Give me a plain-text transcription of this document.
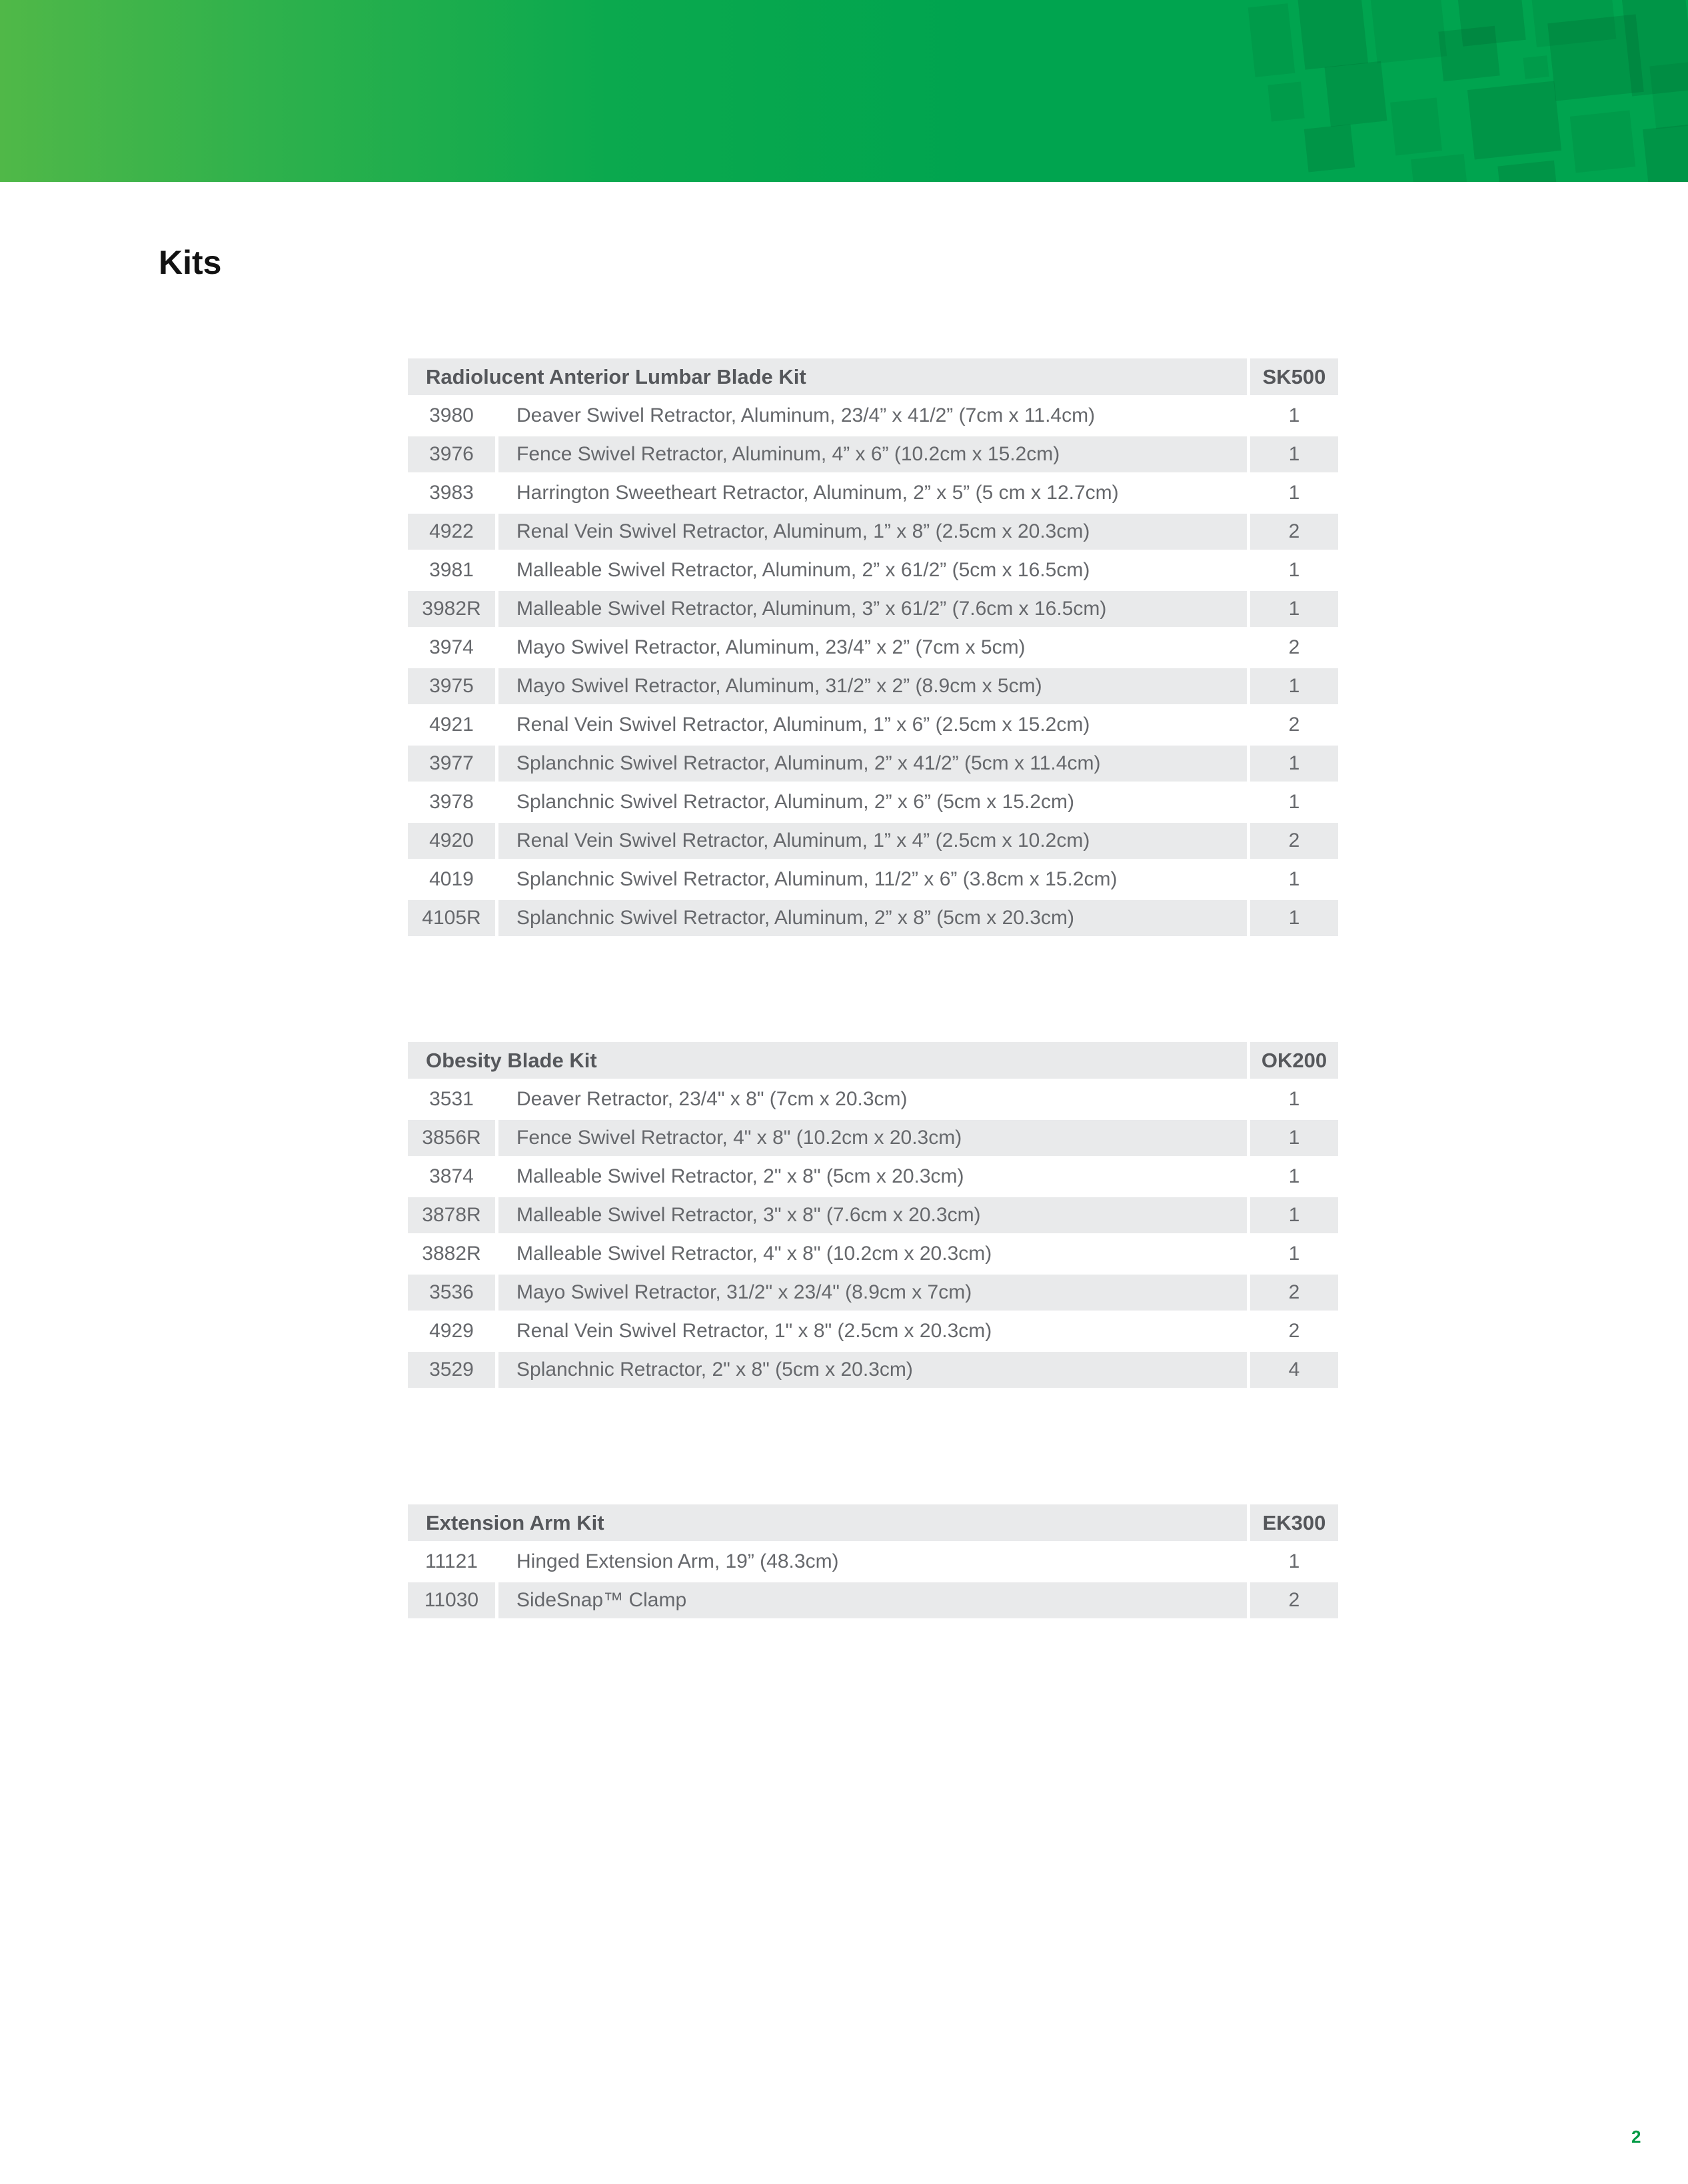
Kits
Radiolucent Anterior Lumbar Blade Kit	SK500
3980	Deaver Swivel Retractor, Aluminum, 23/4” x 41/2” (7cm x 11.4cm)	1
3976	Fence Swivel Retractor, Aluminum, 4” x 6” (10.2cm x 15.2cm)	1
3983	Harrington Sweetheart Retractor, Aluminum, 2” x 5” (5 cm x 12.7cm)	1
4922	Renal Vein Swivel Retractor, Aluminum, 1” x 8” (2.5cm x 20.3cm)	2
3981	Malleable Swivel Retractor, Aluminum, 2” x 61/2” (5cm x 16.5cm)	1
3982R	Malleable Swivel Retractor, Aluminum, 3” x 61/2” (7.6cm x 16.5cm)	1
3974	Mayo Swivel Retractor, Aluminum, 23/4” x 2” (7cm x 5cm)	2
3975	Mayo Swivel Retractor, Aluminum, 31/2” x 2” (8.9cm x 5cm)	1
4921	Renal Vein Swivel Retractor, Aluminum, 1” x 6” (2.5cm x 15.2cm)	2
3977	Splanchnic Swivel Retractor, Aluminum, 2” x 41/2” (5cm x 11.4cm)	1
3978	Splanchnic Swivel Retractor, Aluminum, 2” x 6” (5cm x 15.2cm)	1
4920	Renal Vein Swivel Retractor, Aluminum, 1” x 4” (2.5cm x 10.2cm)	2
4019	Splanchnic Swivel Retractor, Aluminum, 11/2” x 6” (3.8cm x 15.2cm)	1
4105R	Splanchnic Swivel Retractor, Aluminum, 2” x 8” (5cm x 20.3cm)	1
Obesity Blade Kit	OK200
3531	Deaver Retractor, 23/4" x 8" (7cm x 20.3cm)	1
3856R	Fence Swivel Retractor, 4" x 8" (10.2cm x 20.3cm)	1
3874	Malleable Swivel Retractor, 2" x 8" (5cm x 20.3cm)	1
3878R	Malleable Swivel Retractor, 3" x 8" (7.6cm x 20.3cm)	1
3882R	Malleable Swivel Retractor, 4" x 8" (10.2cm x 20.3cm)	1
3536	Mayo Swivel Retractor, 31/2" x 23/4" (8.9cm x 7cm)	2
4929	Renal Vein Swivel Retractor, 1" x 8" (2.5cm x 20.3cm)	2
3529	Splanchnic Retractor, 2" x 8" (5cm x 20.3cm)	4
Extension Arm Kit	EK300
11121	Hinged Extension Arm, 19” (48.3cm)	1
11030	SideSnap™ Clamp	2
2
